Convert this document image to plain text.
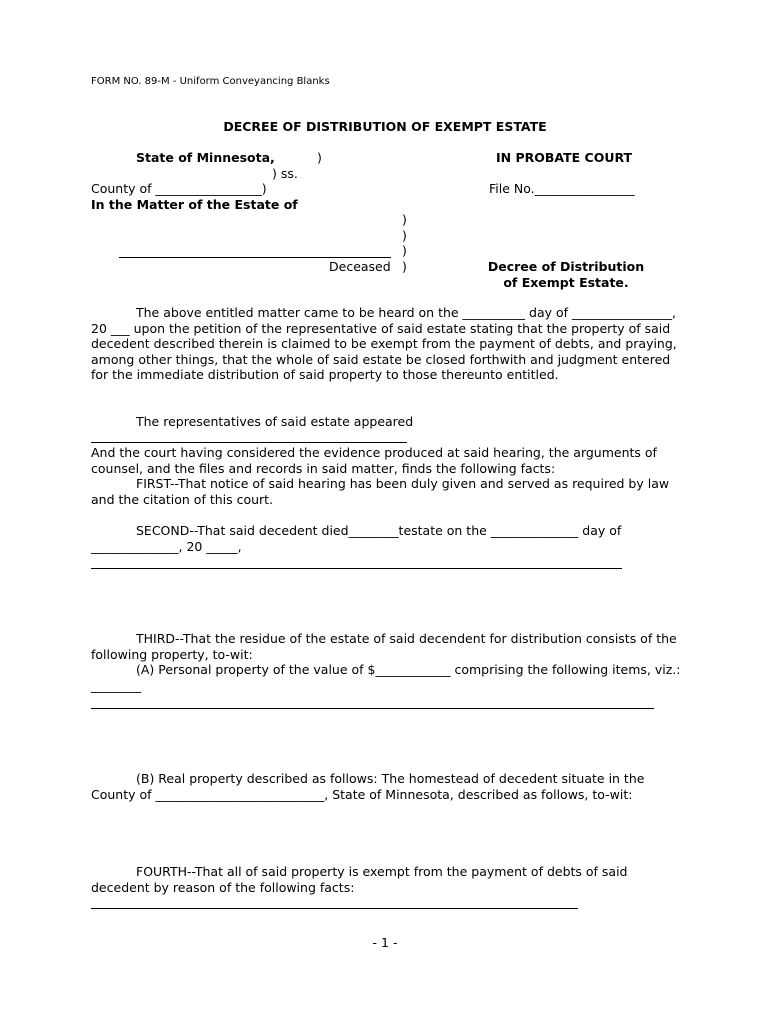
FORM NO. 89-M - Uniform Conveyancing Blanks
DECREE OF DISTRIBUTION OF EXEMPT ESTATE
State of Minnesota,	)
) ss.
County of _________________)
In the Matter of the Estate of
IN PROBATE COURT
File No.________________
)
)
)
Deceased )	Decree of Distribution
of Exempt Estate.
The above entitled matter came to be heard on the __________ day of ________________, 20 ___ upon the petition of the representative of said estate stating that the property of said decedent described therein is claimed to be exempt from the payment of debts, and praying, among other things, that the whole of said estate be closed forthwith and judgment entered for the immediate distribution of said property to those thereunto entitled.
The representatives of said estate appeared
And the court having considered the evidence produced at said hearing, the arguments of counsel, and the files and records in said matter, finds the following facts:
FIRST--That notice of said hearing has been duly given and served as required by law and the citation of this court.
SECOND--That said decedent died________testate on the ______________ day of ______________, 20 _____,
THIRD--That the residue of the estate of said decendent for distribution consists of the following property, to-wit:
(A) Personal property of the value of $____________ comprising the following items, viz.: ________
(B) Real property described as follows: The homestead of decedent situate in the County of ___________________________, State of Minnesota, described as follows, to-wit:
FOURTH--That all of said property is exempt from the payment of debts of said decedent by reason of the following facts:
- 1 -
